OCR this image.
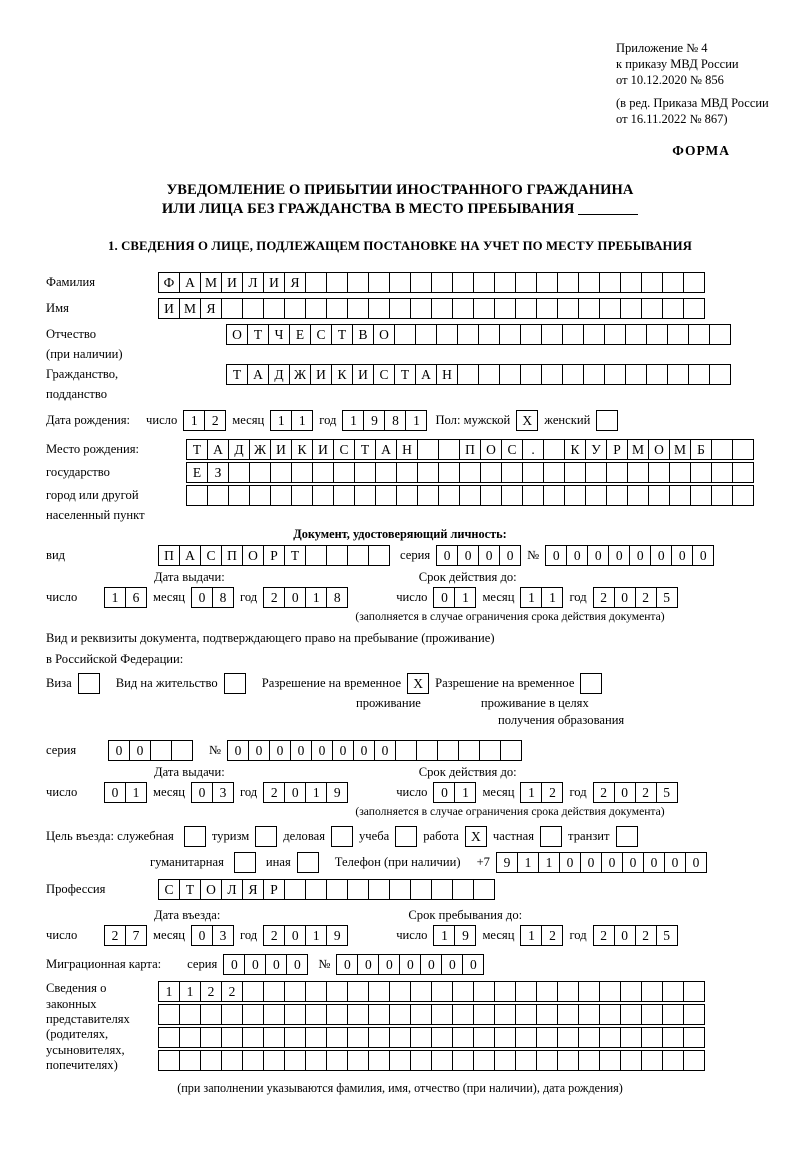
Приложение № 4
к приказу МВД России
от 10.12.2020 № 856
(в ред. Приказа МВД России
от 16.11.2022 № 867)
ФОРМА
УВЕДОМЛЕНИЕ О ПРИБЫТИИ ИНОСТРАННОГО ГРАЖДАНИНА
ИЛИ ЛИЦА БЕЗ ГРАЖДАНСТВА В МЕСТО ПРЕБЫВАНИЯ
1. СВЕДЕНИЯ О ЛИЦЕ, ПОДЛЕЖАЩЕМ ПОСТАНОВКЕ НА УЧЕТ ПО МЕСТУ ПРЕБЫВАНИЯ
Фамилия	Ф А М И Л И Я
Имя	И М Я
Отчество	О Т Ч Е С Т В О
(при наличии)
Гражданство,	Т А Д Ж И К И С Т А Н
подданство
Дата рождения: число	1	2	месяц	1	1	год	1	9	8	1	Пол: мужской X женский
Место рождения:	Т А Д Ж И К И С Т А Н	П О С	.	К У Р М О М Б
государство	Е З
город или другой
населенный пункт
Документ, удостоверяющий личность:
вид	П А С П О Р Т	серия	0	0	0	0	№	0	0	0	0	0	0	0	0
Дата выдачи:	Срок действия до:
число	1	6	месяц	0	8	год	2	0	1	8	число	0	1	месяц	1	1	год	2	0	2	5
(заполняется в случае ограничения срока действия документа)
Вид и реквизиты документа, подтверждающего право на пребывание (проживание)
в Российской Федерации:
Виза	Вид на жительство	Разрешение на временное X Разрешение на временное
проживание	проживание в целях
получения образования
серия	0	0	№	0	0	0	0	0	0	0	0
Дата выдачи:	Срок действия до:
число	0	1	месяц	0	3	год	2	0	1	9	число	0	1	месяц	1	2	год	2	0	2	5
(заполняется в случае ограничения срока действия документа)
Цель въезда: служебная	туризм	деловая	учеба	работа X частная	транзит
гуманитарная	иная	Телефон (при наличии) +7	9	1	1	0	0	0	0	0	0	0
Профессия	С Т О Л Я Р
Дата въезда:	Срок пребывания до:
число	2	7	месяц	0	3	год	2	0	1	9	число	1	9	месяц	1	2	год	2	0	2	5
Миграционная карта: серия	0	0	0	0	№	0	0	0	0	0	0	0
Сведения о
законных
представителях
(родителях,
усыновителях,
попечителях)
1	1	2	2
(при заполнении указываются фамилия, имя, отчество (при наличии), дата рождения)
